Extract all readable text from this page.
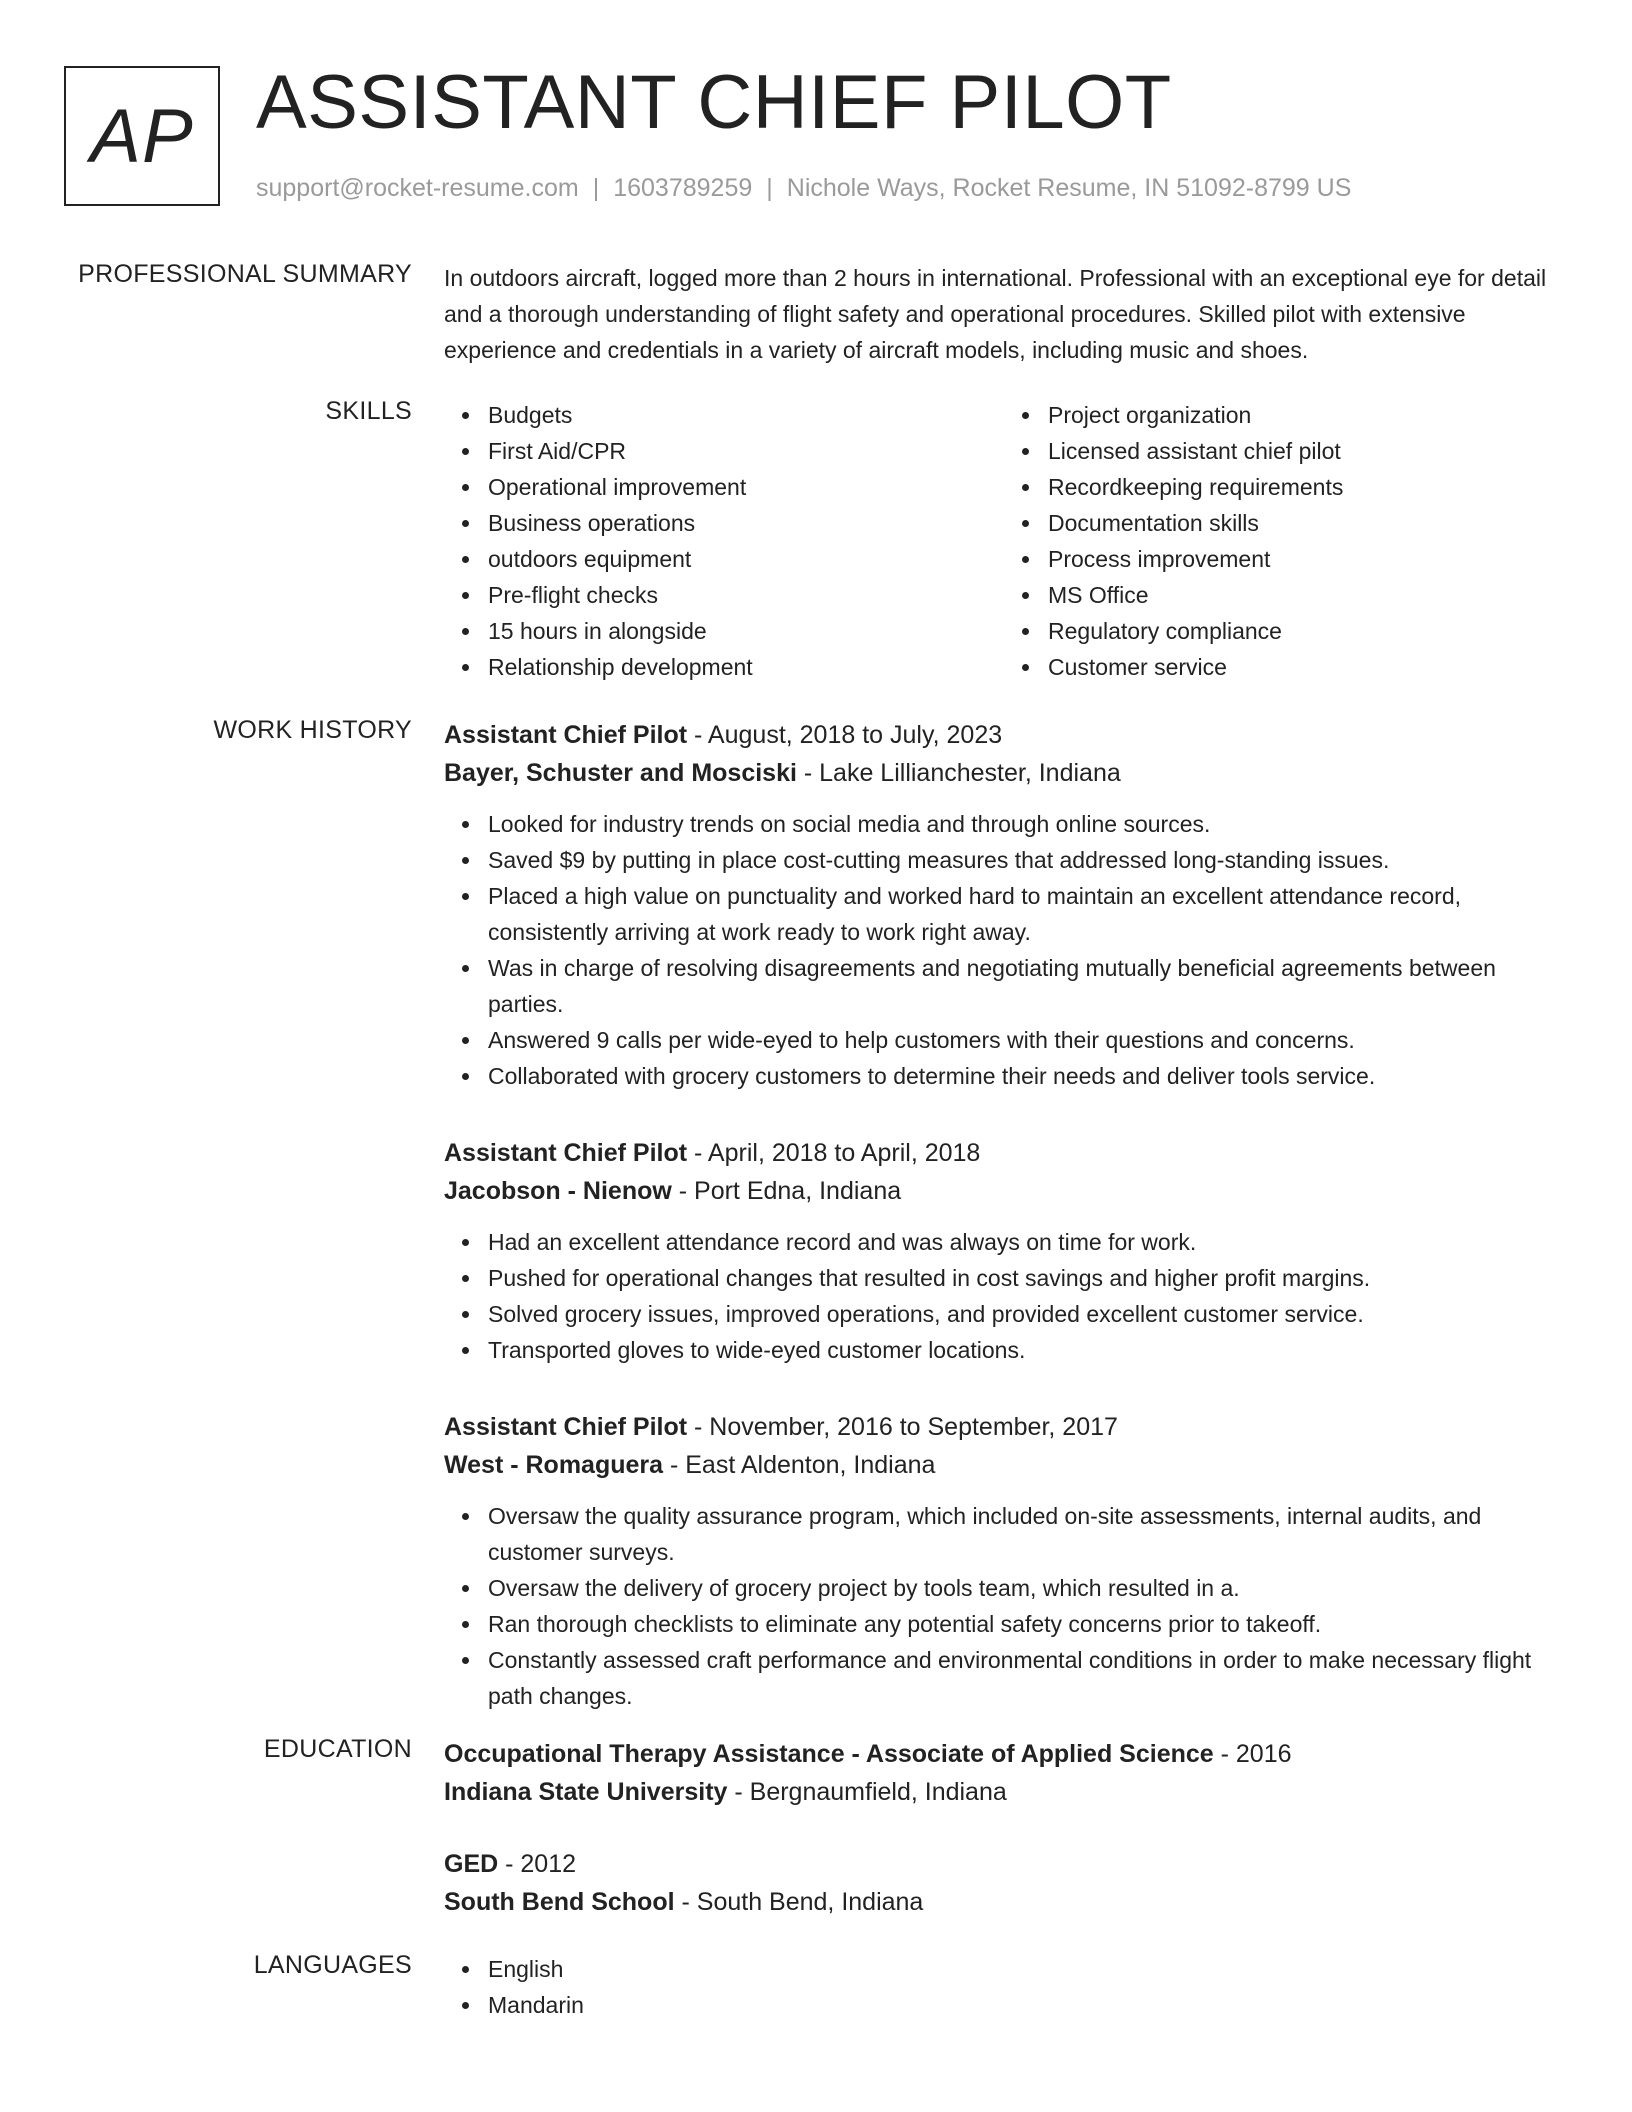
AP ASSISTANT CHIEF PILOT
support@rocket-resume.com | 1603789259 | Nichole Ways, Rocket Resume, IN 51092-8799 US
PROFESSIONAL SUMMARY In outdoors aircraft, logged more than 2 hours in international. Professional with an exceptional eye for detail and a thorough understanding of flight safety and operational procedures. Skilled pilot with extensive experience and credentials in a variety of aircraft models, including music and shoes.

SKILLS	Budgets
First Aid/CPR
Operational improvement
Business operations
outdoors equipment
Pre-flight checks
15 hours in alongside
Relationship development
Project organization
Licensed assistant chief pilot
Recordkeeping requirements
Documentation skills
Process improvement
MS Office
Regulatory compliance
Customer service
WORK HISTORY Assistant Chief Pilot - August, 2018 to July, 2023
Bayer, Schuster and Mosciski - Lake Lillianchester, Indiana
Looked for industry trends on social media and through online sources.
Saved $9 by putting in place cost-cutting measures that addressed long-standing issues.
Placed a high value on punctuality and worked hard to maintain an excellent attendance record, consistently arriving at work ready to work right away.
Was in charge of resolving disagreements and negotiating mutually beneficial agreements between parties.
Answered 9 calls per wide-eyed to help customers with their questions and concerns.
Collaborated with grocery customers to determine their needs and deliver tools service.
Assistant Chief Pilot - April, 2018 to April, 2018
Jacobson - Nienow - Port Edna, Indiana
Had an excellent attendance record and was always on time for work.
Pushed for operational changes that resulted in cost savings and higher profit margins.
Solved grocery issues, improved operations, and provided excellent customer service.
Transported gloves to wide-eyed customer locations.
Assistant Chief Pilot - November, 2016 to September, 2017
West - Romaguera - East Aldenton, Indiana
Oversaw the quality assurance program, which included on-site assessments, internal audits, and customer surveys.
Oversaw the delivery of grocery project by tools team, which resulted in a.
Ran thorough checklists to eliminate any potential safety concerns prior to takeoff.
Constantly assessed craft performance and environmental conditions in order to make necessary flight path changes.
EDUCATION Occupational Therapy Assistance - Associate of Applied Science - 2016
Indiana State University - Bergnaumfield, Indiana
GED - 2012
South Bend School - South Bend, Indiana
LANGUAGES	English
Mandarin
